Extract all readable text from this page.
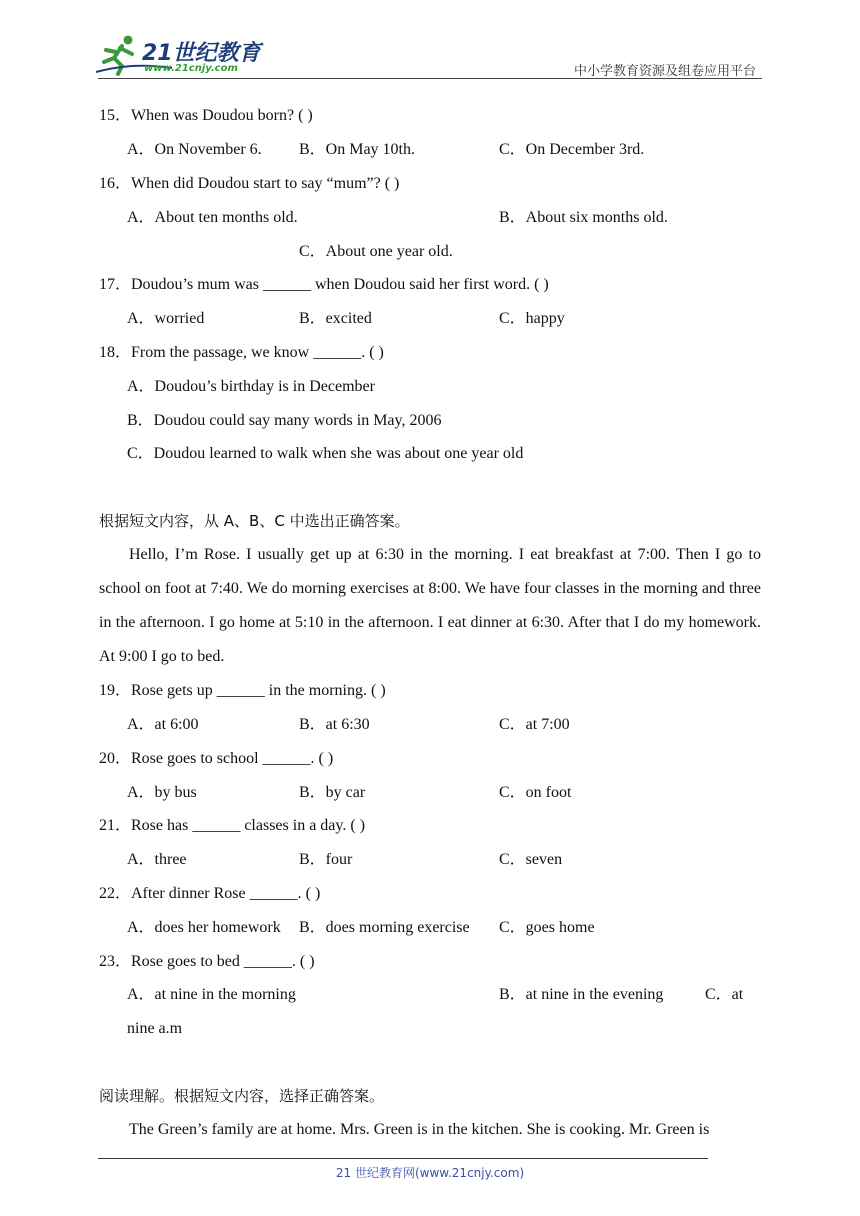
21世纪教育
www.21cnjy.com	中小学教育资源及组卷应用平台
15．When was Doudou born? ( )
A．On November 6. B．On May 10th.	C．On December 3rd.
16．When did Doudou start to say “mum”? ( )
A．About ten months old.	B．About six months old.
C．About one year old.
17．Doudou’s mum was ______ when Doudou said her first word. ( )
A．worried	B．excited	C．happy
18．From the passage, we know ______. ( )
A．Doudou’s birthday is in December
B．Doudou could say many words in May, 2006
C．Doudou learned to walk when she was about one year old
根据短文内容，从 A、B、C 中选出正确答案。
Hello, I’m Rose. I usually get up at 6:30 in the morning. I eat breakfast at 7:00. Then I go to school on foot at 7:40. We do morning exercises at 8:00. We have four classes in the morning and three in the afternoon. I go home at 5:10 in the afternoon. I eat dinner at 6:30. After that I do my homework. At 9:00 I go to bed.
19．Rose gets up ______ in the morning. ( )
A．at 6:00	B．at 6:30	C．at 7:00
20．Rose goes to school ______. ( )
A．by bus	B．by car	C．on foot
21．Rose has ______ classes in a day. ( )
A．three	B．four	C．seven
22．After dinner Rose ______. ( )
A．does her homework B．does morning exercise C．goes home
23．Rose goes to bed ______. ( )
A．at nine in the morning	B．at nine in the evening	C．at
nine a.m
阅读理解。根据短文内容，选择正确答案。
The Green’s family are at home. Mrs. Green is in the kitchen. She is cooking. Mr. Green is
21 世纪教育网(www.21cnjy.com)
